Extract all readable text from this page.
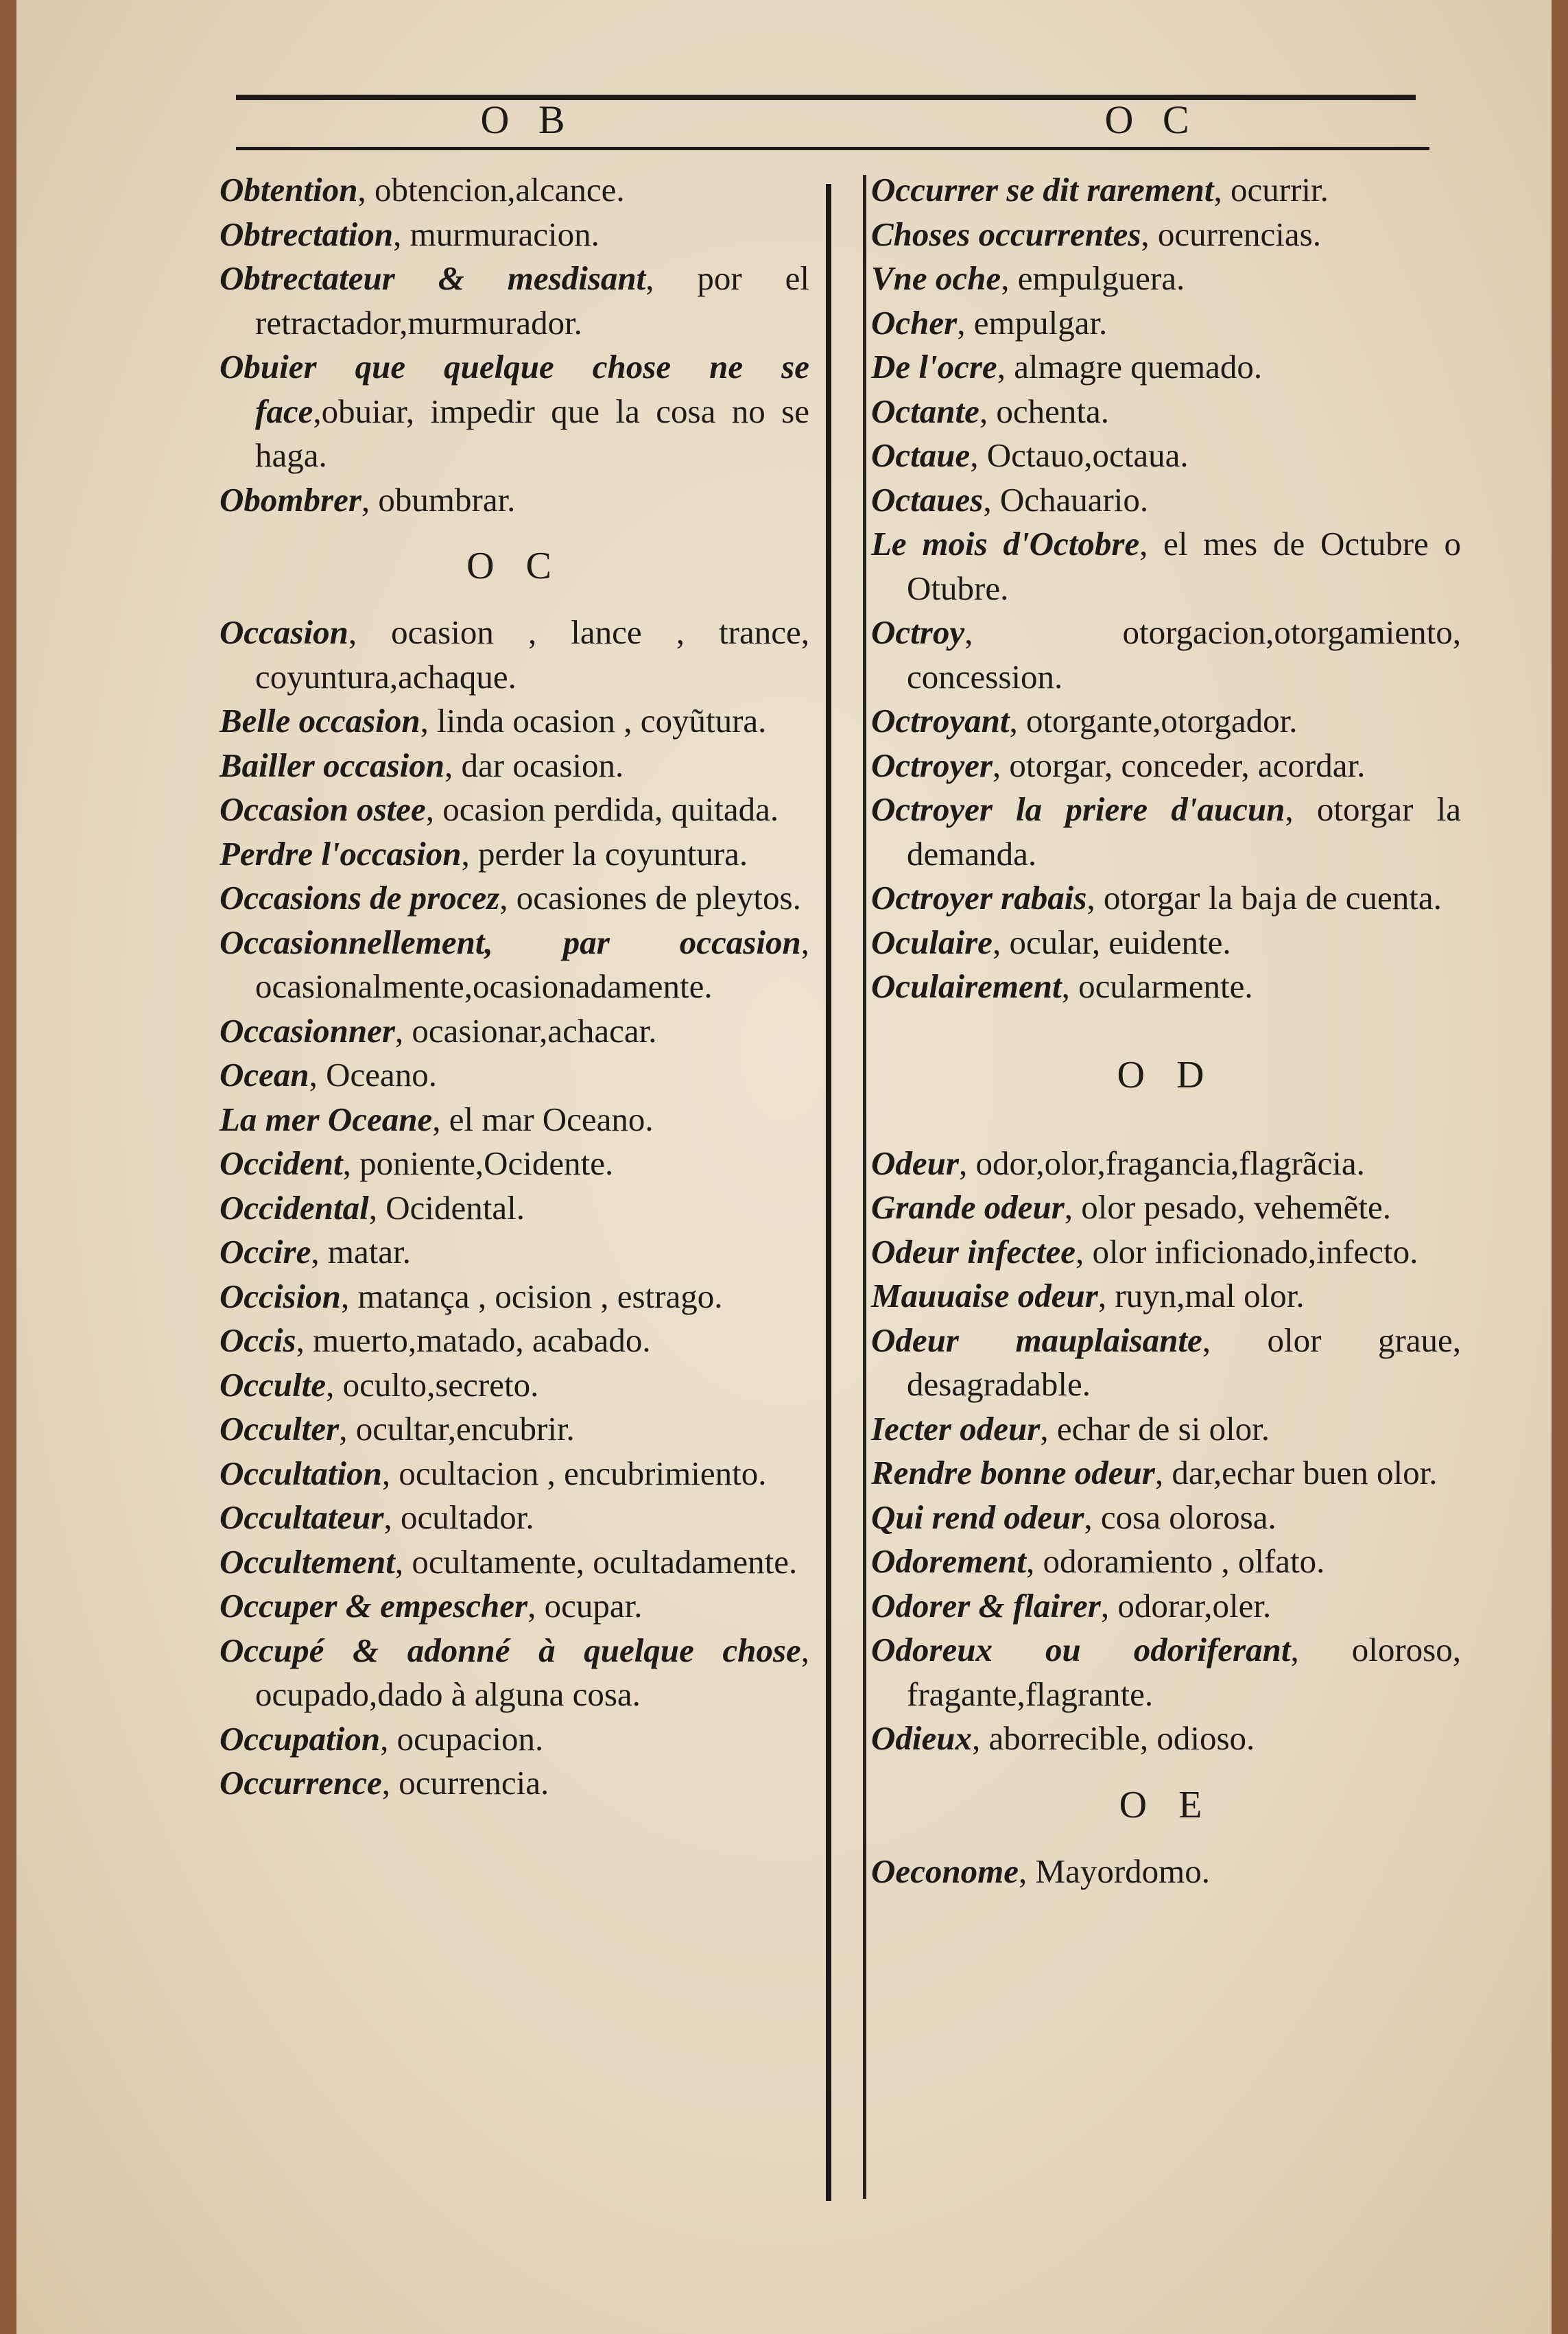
O B	O C
Obtention, obtencion,alcance.
Obtrectation, murmuracion.
Obtrectateur & mesdisant, por el retractador,murmurador.
Obuier que quelque chose ne se face,obuiar, impedir que la cosa no se haga.
Obombrer, obumbrar.
O C
Occasion, ocasion , lance , trance, coyuntura,achaque.
Belle occasion, linda ocasion , coyũtura.
Bailler occasion, dar ocasion.
Occasion ostee, ocasion perdida, quitada.
Perdre l'occasion, perder la coyuntura.
Occasions de procez, ocasiones de pleytos.
Occasionnellement, par occasion, ocasionalmente,ocasionadamente.
Occasionner, ocasionar,achacar.
Ocean, Oceano.
La mer Oceane, el mar Oceano.
Occident, poniente,Ocidente.
Occidental, Ocidental.
Occire, matar.
Occision, matança , ocision , estrago.
Occis, muerto,matado, acabado.
Occulte, oculto,secreto.
Occulter, ocultar,encubrir.
Occultation, ocultacion , encubrimiento.
Occultateur, ocultador.
Occultement, ocultamente, ocultadamente.
Occuper & empescher, ocupar.
Occupé & adonné à quelque chose, ocupado,dado à alguna cosa.
Occupation, ocupacion.
Occurrence, ocurrencia.
Occurrer se dit rarement, ocurrir.
Choses occurrentes, ocurrencias.
Vne oche, empulguera.
Ocher, empulgar.
De l'ocre, almagre quemado.
Octante, ochenta.
Octaue, Octauo,octaua.
Octaues, Ochauario.
Le mois d'Octobre, el mes de Octubre o Otubre.
Octroy, otorgacion,otorgamiento, concession.
Octroyant, otorgante,otorgador.
Octroyer, otorgar, conceder, acordar.
Octroyer la priere d'aucun, otorgar la demanda.
Octroyer rabais, otorgar la baja de cuenta.
Oculaire, ocular, euidente.
Oculairement, ocularmente.
O D
Odeur, odor,olor,fragancia,flagrãcia.
Grande odeur, olor pesado, vehemẽte.
Odeur infectee, olor inficionado,infecto.
Mauuaise odeur, ruyn,mal olor.
Odeur mauplaisante, olor graue, desagradable.
Iecter odeur, echar de si olor.
Rendre bonne odeur, dar,echar buen olor.
Qui rend odeur, cosa olorosa.
Odorement, odoramiento , olfato.
Odorer & flairer, odorar,oler.
Odoreux ou odoriferant, oloroso, fragante,flagrante.
Odieux, aborrecible, odioso.
O E
Oeconome, Mayordomo.
